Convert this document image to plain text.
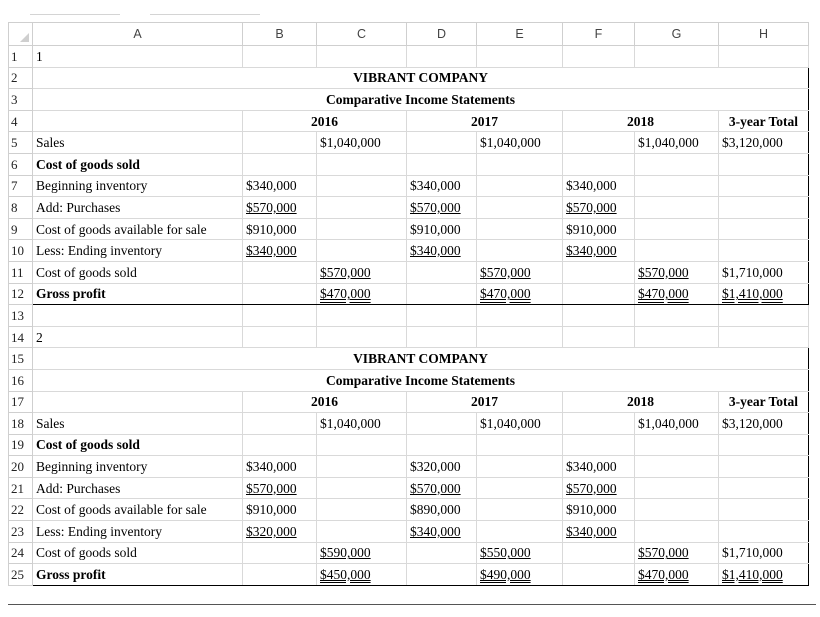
	A	B	C	D	E	F	G	H
1	1							
2	VIBRANT COMPANY							
3	Comparative Income Statements							
4		2016		2017		2018		3-year Total
5	Sales		$1,040,000		$1,040,000		$1,040,000	$3,120,000
6	Cost of goods sold							
7	Beginning inventory	$340,000		$340,000		$340,000		
8	Add: Purchases	$570,000		$570,000		$570,000		
9	Cost of goods available for sale	$910,000		$910,000		$910,000		
10	Less: Ending inventory	$340,000		$340,000		$340,000		
11	Cost of goods sold		$570,000		$570,000		$570,000	$1,710,000
12	Gross profit		$470,000		$470,000		$470,000	$1,410,000
13								
14	2							
15	VIBRANT COMPANY							
16	Comparative Income Statements							
17		2016		2017		2018		3-year Total
18	Sales		$1,040,000		$1,040,000		$1,040,000	$3,120,000
19	Cost of goods sold							
20	Beginning inventory	$340,000		$320,000		$340,000		
21	Add: Purchases	$570,000		$570,000		$570,000		
22	Cost of goods available for sale	$910,000		$890,000		$910,000		
23	Less: Ending inventory	$320,000		$340,000		$340,000		
24	Cost of goods sold		$590,000		$550,000		$570,000	$1,710,000
25	Gross profit		$450,000		$490,000		$470,000	$1,410,000
